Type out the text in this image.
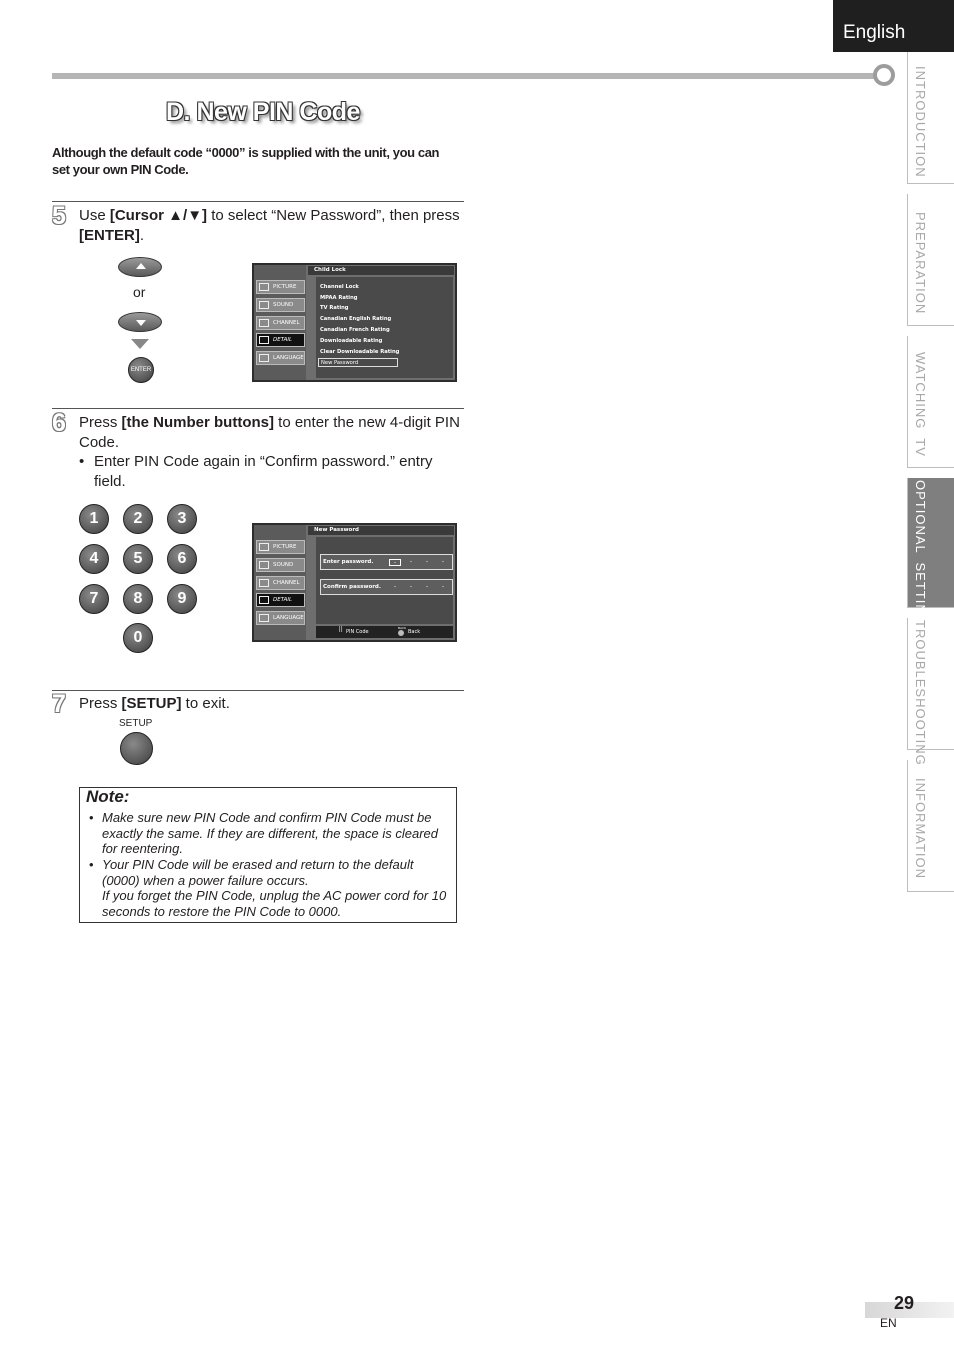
English
INTRODUCTION
PREPARATION
WATCHING  TV
OPTIONAL  SETTING
TROUBLESHOOTING
INFORMATION
D. New PIN Code
Although the default code “0000” is supplied with the unit, you can set your own PIN Code.
5 Use [Cursor ▲/▼] to select “New Password”, then press [ENTER].
or
ENTER
PICTURE
SOUND
CHANNEL
DETAIL
LANGUAGE
Child Lock
Channel Lock
MPAA Rating
TV Rating
Canadian English Rating
Canadian French Rating
Downloadable Rating
Clear Downloadable Rating
New Password
6 Press [the Number buttons] to enter the new 4-digit PIN Code.
• Enter PIN Code again in “Confirm password.” entry field.
1	2	3
4	5	6
7	8	9
0
PICTURE
SOUND
CHANNEL
DETAIL
LANGUAGE
New Password
Enter password.	-	-	-	-
Confirm password.	-	-	-	-
⠿ PIN Code
BACK
Back
7 Press [SETUP] to exit.
SETUP
Note:
• Make sure new PIN Code and confirm PIN Code must be exactly the same. If they are different, the space is cleared for reentering.
• Your PIN Code will be erased and return to the default (0000) when a power failure occurs.
If you forget the PIN Code, unplug the AC power cord for 10 seconds to restore the PIN Code to 0000.
29
EN
